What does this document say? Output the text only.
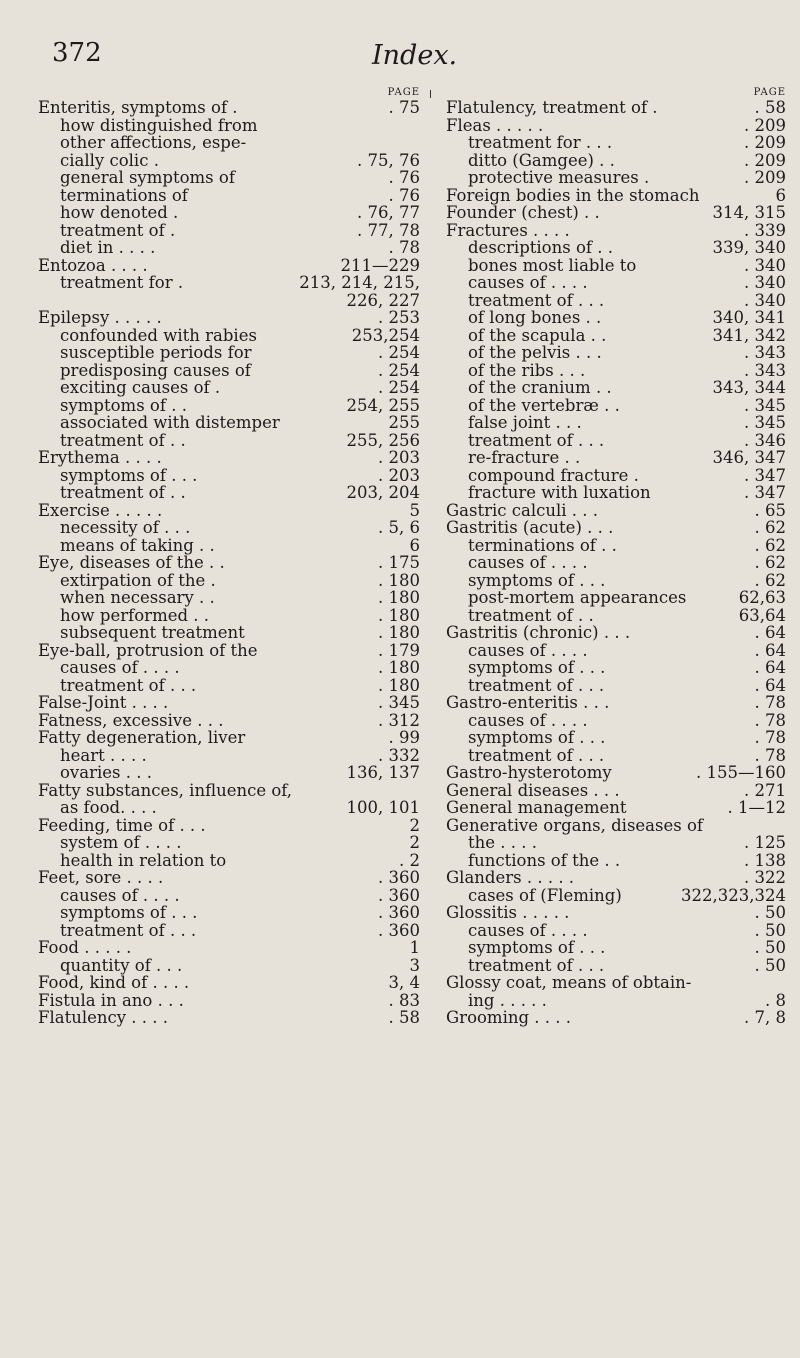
372	Index.
PAGE
Enteritis, symptoms of .	. 75
how distinguished from
other affections, espe-
cially colic .	. 75, 76
general symptoms of	. 76
terminations of	. 76
how denoted .	. 76, 77
treatment of .	. 77, 78
diet in . . . .	. 78
Entozoa . . . .	211—229
treatment for .	213, 214, 215,
226, 227
Epilepsy . . . . .	. 253
confounded with rabies	253,254
susceptible periods for	. 254
predisposing causes of	. 254
exciting causes of .	. 254
symptoms of . .	254, 255
associated with distemper	255
treatment of . .	255, 256
Erythema . . . .	. 203
symptoms of . . .	. 203
treatment of . .	203, 204
Exercise . . . . .	5
necessity of . . .	. 5, 6
means of taking . .	6
Eye, diseases of the . .	. 175
extirpation of the .	. 180
when necessary . .	. 180
how performed . .	. 180
subsequent treatment	. 180
Eye-ball, protrusion of the	. 179
causes of . . . .	. 180
treatment of . . .	. 180
False-Joint . . . .	. 345
Fatness, excessive . . .	. 312
Fatty degeneration, liver	. 99
heart . . . .	. 332
ovaries . . .	136, 137
Fatty substances, influence of,
as food. . . .	100, 101
Feeding, time of . . .	2
system of . . . .	2
health in relation to	. 2
Feet, sore . . . .	. 360
causes of . . . .	. 360
symptoms of . . .	. 360
treatment of . . .	. 360
Food . . . . .	1
quantity of . . .	3
Food, kind of . . . .	3, 4
Fistula in ano . . .	. 83
Flatulency . . . .	. 58
PAGE
Flatulency, treatment of .	. 58
Fleas . . . . .	. 209
treatment for . . .	. 209
ditto (Gamgee) . .	. 209
protective measures .	. 209
Foreign bodies in the stomach	6
Founder (chest) . .	314, 315
Fractures . . . .	. 339
descriptions of . .	339, 340
bones most liable to	. 340
causes of . . . .	. 340
treatment of . . .	. 340
of long bones . .	340, 341
of the scapula . .	341, 342
of the pelvis . . .	. 343
of the ribs . . .	. 343
of the cranium . .	343, 344
of the vertebræ . .	. 345
false joint . . .	. 345
treatment of . . .	. 346
re-fracture . .	346, 347
compound fracture .	. 347
fracture with luxation	. 347
Gastric calculi . . .	. 65
Gastritis (acute) . . .	. 62
terminations of . .	. 62
causes of . . . .	. 62
symptoms of . . .	. 62
post-mortem appearances	62,63
treatment of . .	63,64
Gastritis (chronic) . . .	. 64
causes of . . . .	. 64
symptoms of . . .	. 64
treatment of . . .	. 64
Gastro-enteritis . . .	. 78
causes of . . . .	. 78
symptoms of . . .	. 78
treatment of . . .	. 78
Gastro-hysterotomy	. 155—160
General diseases . . .	. 271
General management	. 1—12
Generative organs, diseases of
the . . . .	. 125
functions of the . .	. 138
Glanders . . . . .	. 322
cases of (Fleming)	322,323,324
Glossitis . . . . .	. 50
causes of . . . .	. 50
symptoms of . . .	. 50
treatment of . . .	. 50
Glossy coat, means of obtain-
ing . . . . .	. 8
Grooming . . . .	. 7, 8
